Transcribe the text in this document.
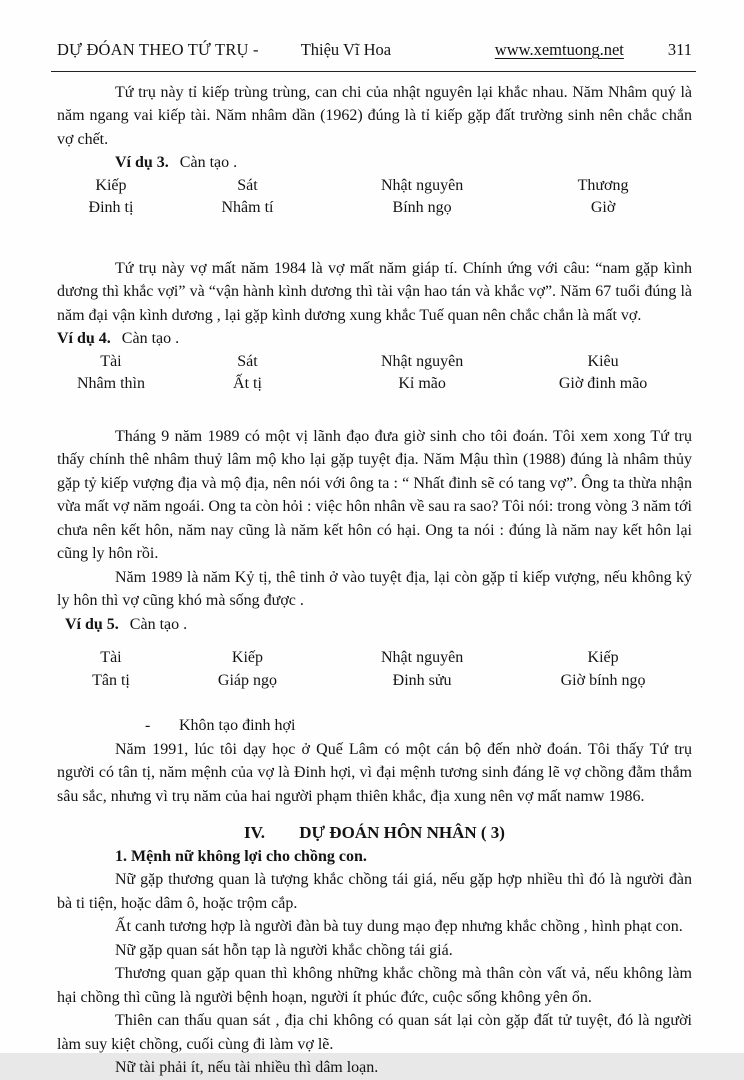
DỰ ĐÓAN THEO TỨ TRỤ -	Thiệu Vĩ Hoa	www.xemtuong.net	311

Tứ trụ này tỉ kiếp trùng trùng, can chi của nhật nguyên lại khắc nhau. Năm Nhâm quý là năm ngang vai kiếp tài. Năm nhâm dần (1962) đúng là tỉ kiếp gặp đất trường sinh nên chắc chắn vợ chết.

Ví dụ 3. Càn tạo .

Kiếp	Sát	Nhật nguyên	Thương
Đinh tị	Nhâm tí	Bính ngọ	Giờ

Tứ trụ này vợ mất năm 1984 là vợ mất năm giáp tí. Chính ứng với câu: “nam gặp kình dương thì khắc vợi” và “vận hành kình dương thì tài vận hao tán và khắc vợ”. Năm 67 tuổi đúng là năm đại vận kình dương , lại gặp kình dương xung khắc Tuế quan nên chắc chắn là mất vợ.

Ví dụ 4. Càn tạo .

Tài	Sát	Nhật nguyên	Kiêu
Nhâm thìn	Ất tị	Kỉ mão	Giờ đinh mão

Tháng 9 năm 1989 có một vị lãnh đạo đưa giờ sinh cho tôi đoán. Tôi xem xong Tứ trụ thấy chính thê nhâm thuỷ lâm mộ kho lại gặp tuyệt địa. Năm Mậu thìn (1988) đúng là nhâm thủy gặp tỷ kiếp vượng địa và mộ địa, nên nói với ông ta : “ Nhất đinh sẽ có tang vợ”. Ông ta thừa nhận vừa mất vợ năm ngoái. Ong ta còn hỏi : việc hôn nhân về sau ra sao? Tôi nói: trong vòng 3 năm tới chưa nên kết hôn, năm nay cũng là năm kết hôn có hại. Ong ta nói : đúng là năm nay kết hôn lại cũng ly hôn rồi.

Năm 1989 là năm Kỷ tị, thê tinh ở vào tuyệt địa, lại còn gặp tỉ kiếp vượng, nếu không kỷ ly hôn thì vợ cũng khó mà sống được .

Ví dụ 5. Càn tạo .

Tài	Kiếp	Nhật nguyên	Kiếp
Tân tị	Giáp ngọ	Đinh sửu	Giờ bính ngọ

- Khôn tạo đinh hợi

Năm 1991, lúc tôi dạy học ở Quế Lâm có một cán bộ đến nhờ đoán. Tôi thấy Tứ trụ người có tân tị, năm mệnh của vợ là Đinh hợi, vì đại mệnh tương sinh đáng lẽ vợ chồng đằm thắm sâu sắc, nhưng vì trụ năm của hai người phạm thiên khắc, địa xung nên vợ mất namw 1986.

IV. DỰ ĐOÁN HÔN NHÂN ( 3)

1. Mệnh nữ không lợi cho chồng con.

Nữ gặp thương quan là tượng khắc chồng tái giá, nếu gặp hợp nhiều thì đó là người đàn bà ti tiện, hoặc dâm ô, hoặc trộm cắp.

Ất canh tương hợp là người đàn bà tuy dung mạo đẹp nhưng khắc chồng , hình phạt con.

Nữ gặp quan sát hỗn tạp là người khắc chồng tái giá.

Thương quan gặp quan thì không những khắc chồng mà thân còn vất vả, nếu không làm hại chồng thì cũng là người bệnh hoạn, người ít phúc đức, cuộc sống không yên ổn.

Thiên can thấu quan sát , địa chi không có quan sát lại còn gặp đất tử tuyệt, đó là người làm suy kiệt chồng, cuối cùng đi làm vợ lẽ.

Nữ tài phải ít, nếu tài nhiều thì dâm loạn.
